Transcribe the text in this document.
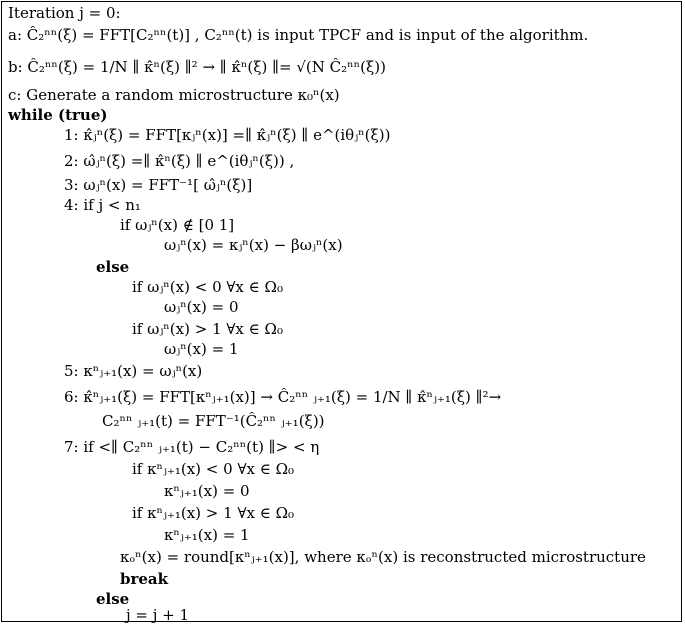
Iteration j = 0:
a: Ĉ₂ⁿⁿ(ξ) = FFT[C₂ⁿⁿ(t)] , C₂ⁿⁿ(t) is input TPCF and is input of the algorithm.
b: Ĉ₂ⁿⁿ(ξ) = 1/N ∥ κ̂ⁿ(ξ) ∥² → ∥ κ̂ⁿ(ξ) ∥= √(N Ĉ₂ⁿⁿ(ξ))
c: Generate a random microstructure κ₀ⁿ(x)
while (true)
1: κ̂ⱼⁿ(ξ) = FFT[κⱼⁿ(x)] =∥ κ̂ⱼⁿ(ξ) ∥ e^(iθⱼⁿ(ξ))
2: ω̂ⱼⁿ(ξ) =∥ κ̂ⁿ(ξ) ∥ e^(iθⱼⁿ(ξ)) ,
3: ωⱼⁿ(x) = FFT⁻¹[ ω̂ⱼⁿ(ξ)]
4: if j < n₁
if ωⱼⁿ(x) ∉ [0 1]
ωⱼⁿ(x) = κⱼⁿ(x) − βωⱼⁿ(x)
else
if ωⱼⁿ(x) < 0 ∀x ∈ Ω₀
ωⱼⁿ(x) = 0
if ωⱼⁿ(x) > 1 ∀x ∈ Ω₀
ωⱼⁿ(x) = 1
5: κⁿⱼ₊₁(x) = ωⱼⁿ(x)
6: κ̂ⁿⱼ₊₁(ξ) = FFT[κⁿⱼ₊₁(x)] → Ĉ₂ⁿⁿ ⱼ₊₁(ξ) = 1/N ∥ κ̂ⁿⱼ₊₁(ξ) ∥²→
C₂ⁿⁿ ⱼ₊₁(t) = FFT⁻¹(Ĉ₂ⁿⁿ ⱼ₊₁(ξ))
7: if <∥ C₂ⁿⁿ ⱼ₊₁(t) − C₂ⁿⁿ(t) ∥> < η
if κⁿⱼ₊₁(x) < 0 ∀x ∈ Ω₀
κⁿⱼ₊₁(x) = 0
if κⁿⱼ₊₁(x) > 1 ∀x ∈ Ω₀
κⁿⱼ₊₁(x) = 1
κₒⁿ(x) = round[κⁿⱼ₊₁(x)], where κₒⁿ(x) is reconstructed microstructure
break
else
j = j + 1
